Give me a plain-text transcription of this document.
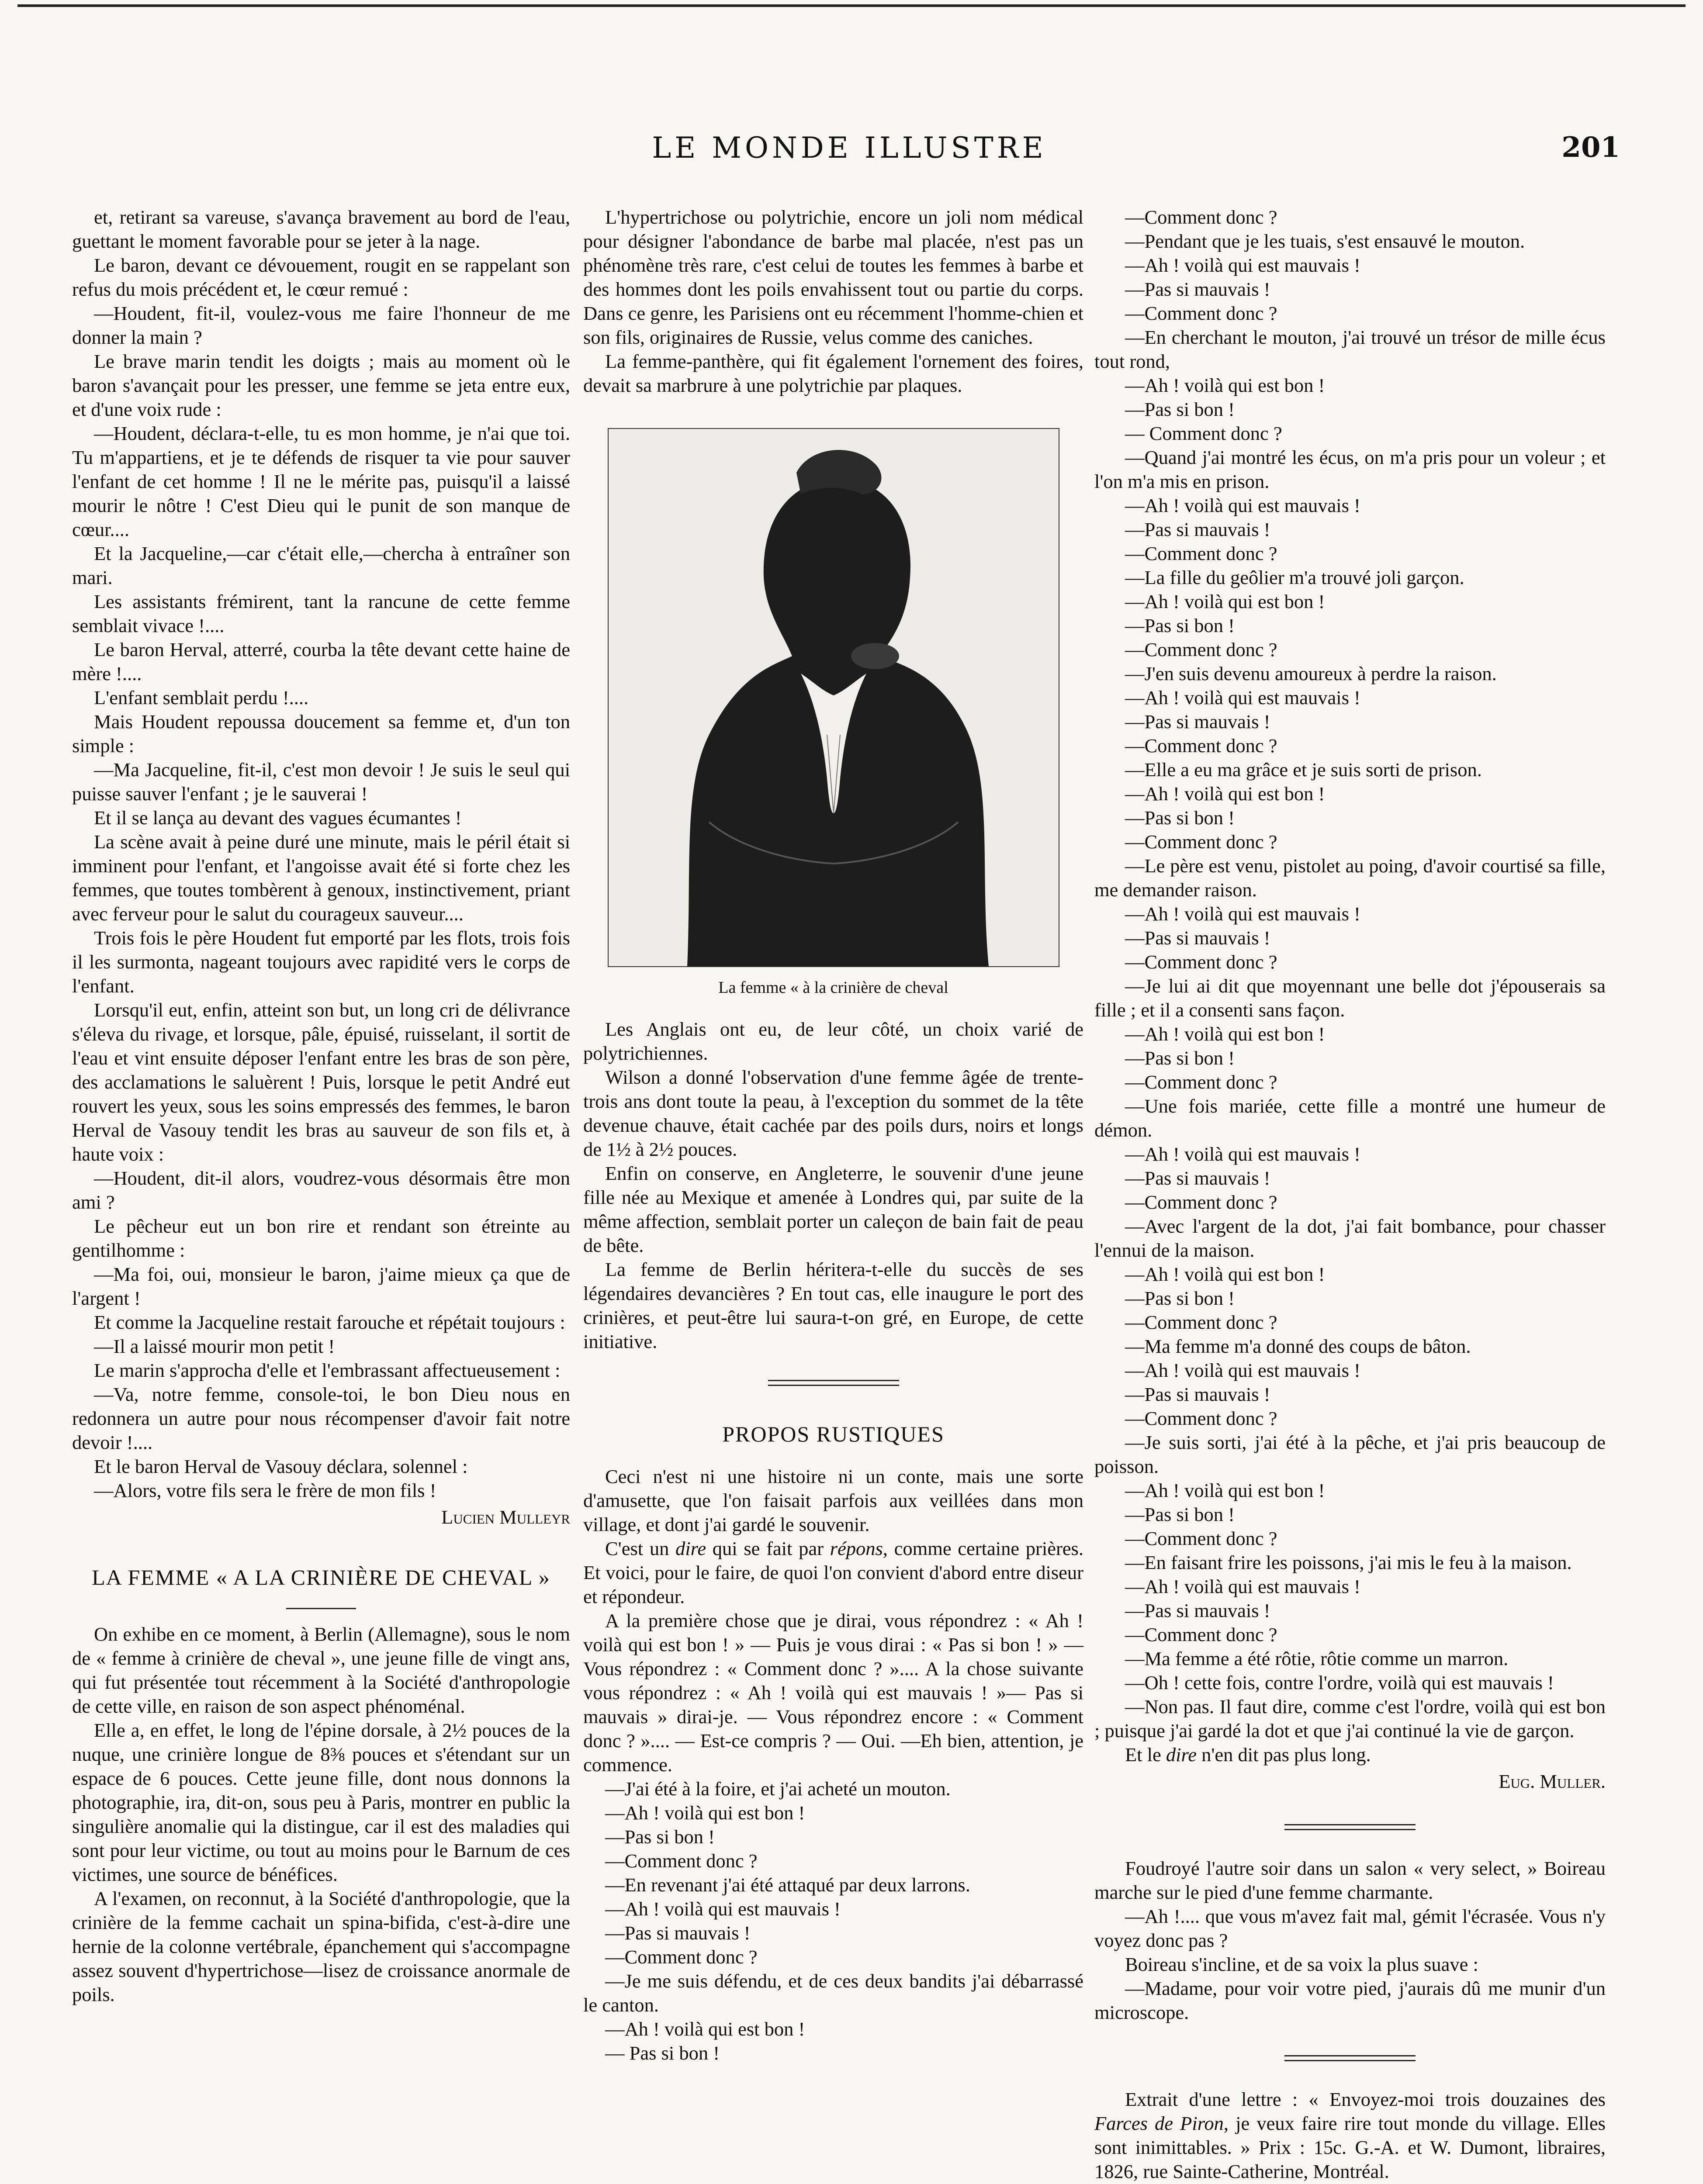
LE MONDE ILLUSTRE	201

et, retirant sa vareuse, s'avança bravement au bord de l'eau, guettant le moment favorable pour se jeter à la nage.

Le baron, devant ce dévouement, rougit en se rappelant son refus du mois précédent et, le cœur remué :

—Houdent, fit-il, voulez-vous me faire l'honneur de me donner la main ?

Le brave marin tendit les doigts ; mais au moment où le baron s'avançait pour les presser, une femme se jeta entre eux, et d'une voix rude :

—Houdent, déclara-t-elle, tu es mon homme, je n'ai que toi. Tu m'appartiens, et je te défends de risquer ta vie pour sauver l'enfant de cet homme ! Il ne le mérite pas, puisqu'il a laissé mourir le nôtre ! C'est Dieu qui le punit de son manque de cœur....

Et la Jacqueline,—car c'était elle,—chercha à entraîner son mari.

Les assistants frémirent, tant la rancune de cette femme semblait vivace !....

Le baron Herval, atterré, courba la tête devant cette haine de mère !....

L'enfant semblait perdu !....

Mais Houdent repoussa doucement sa femme et, d'un ton simple :

—Ma Jacqueline, fit-il, c'est mon devoir ! Je suis le seul qui puisse sauver l'enfant ; je le sauverai !

Et il se lança au devant des vagues écumantes !

La scène avait à peine duré une minute, mais le péril était si imminent pour l'enfant, et l'angoisse avait été si forte chez les femmes, que toutes tombèrent à genoux, instinctivement, priant avec ferveur pour le salut du courageux sauveur....

Trois fois le père Houdent fut emporté par les flots, trois fois il les surmonta, nageant toujours avec rapidité vers le corps de l'enfant.

Lorsqu'il eut, enfin, atteint son but, un long cri de délivrance s'éleva du rivage, et lorsque, pâle, épuisé, ruisselant, il sortit de l'eau et vint ensuite déposer l'enfant entre les bras de son père, des acclamations le saluèrent ! Puis, lorsque le petit André eut rouvert les yeux, sous les soins empressés des femmes, le baron Herval de Vasouy tendit les bras au sauveur de son fils et, à haute voix :

—Houdent, dit-il alors, voudrez-vous désormais être mon ami ?

Le pêcheur eut un bon rire et rendant son étreinte au gentilhomme :

—Ma foi, oui, monsieur le baron, j'aime mieux ça que de l'argent !

Et comme la Jacqueline restait farouche et répétait toujours :

—Il a laissé mourir mon petit !

Le marin s'approcha d'elle et l'embrassant affectueusement :

—Va, notre femme, console-toi, le bon Dieu nous en redonnera un autre pour nous récompenser d'avoir fait notre devoir !....

Et le baron Herval de Vasouy déclara, solennel :

—Alors, votre fils sera le frère de mon fils !

Lucien Mulleyr

LA FEMME « A LA CRINIÈRE DE CHEVAL »

On exhibe en ce moment, à Berlin (Allemagne), sous le nom de « femme à crinière de cheval », une jeune fille de vingt ans, qui fut présentée tout récemment à la Société d'anthropologie de cette ville, en raison de son aspect phénoménal.

Elle a, en effet, le long de l'épine dorsale, à 2½ pouces de la nuque, une crinière longue de 8⅜ pouces et s'étendant sur un espace de 6 pouces. Cette jeune fille, dont nous donnons la photographie, ira, dit-on, sous peu à Paris, montrer en public la singulière anomalie qui la distingue, car il est des maladies qui sont pour leur victime, ou tout au moins pour le Barnum de ces victimes, une source de bénéfices.

A l'examen, on reconnut, à la Société d'anthropologie, que la crinière de la femme cachait un spina-bifida, c'est-à-dire une hernie de la colonne vertébrale, épanchement qui s'accompagne assez souvent d'hypertrichose—lisez de croissance anormale de poils.

L'hypertrichose ou polytrichie, encore un joli nom médical pour désigner l'abondance de barbe mal placée, n'est pas un phénomène très rare, c'est celui de toutes les femmes à barbe et des hommes dont les poils envahissent tout ou partie du corps. Dans ce genre, les Parisiens ont eu récemment l'homme-chien et son fils, originaires de Russie, velus comme des caniches.

La femme-panthère, qui fit également l'ornement des foires, devait sa marbrure à une polytrichie par plaques.

La femme « à la crinière de cheval

Les Anglais ont eu, de leur côté, un choix varié de polytrichiennes.

Wilson a donné l'observation d'une femme âgée de trente-trois ans dont toute la peau, à l'exception du sommet de la tête devenue chauve, était cachée par des poils durs, noirs et longs de 1½ à 2½ pouces.

Enfin on conserve, en Angleterre, le souvenir d'une jeune fille née au Mexique et amenée à Londres qui, par suite de la même affection, semblait porter un caleçon de bain fait de peau de bête.

La femme de Berlin héritera-t-elle du succès de ses légendaires devancières ? En tout cas, elle inaugure le port des crinières, et peut-être lui saura-t-on gré, en Europe, de cette initiative.

PROPOS RUSTIQUES

Ceci n'est ni une histoire ni un conte, mais une sorte d'amusette, que l'on faisait parfois aux veillées dans mon village, et dont j'ai gardé le souvenir.

C'est un dire qui se fait par répons, comme certaine prières. Et voici, pour le faire, de quoi l'on convient d'abord entre diseur et répondeur.

A la première chose que je dirai, vous répondrez : « Ah ! voilà qui est bon ! » — Puis je vous dirai : « Pas si bon ! » — Vous répondrez : « Comment donc ? ».... A la chose suivante vous répondrez : « Ah ! voilà qui est mauvais ! »— Pas si mauvais » dirai-je. — Vous répondrez encore : « Comment donc ? ».... — Est-ce compris ? — Oui. —Eh bien, attention, je commence.

—J'ai été à la foire, et j'ai acheté un mouton.

—Ah ! voilà qui est bon !

—Pas si bon !

—Comment donc ?

—En revenant j'ai été attaqué par deux larrons.

—Ah ! voilà qui est mauvais !

—Pas si mauvais !

—Comment donc ?

—Je me suis défendu, et de ces deux bandits j'ai débarrassé le canton.

—Ah ! voilà qui est bon !

— Pas si bon !

—Comment donc ?

—Pendant que je les tuais, s'est ensauvé le mouton.

—Ah ! voilà qui est mauvais !

—Pas si mauvais !

—Comment donc ?

—En cherchant le mouton, j'ai trouvé un trésor de mille écus tout rond,

—Ah ! voilà qui est bon !

—Pas si bon !

— Comment donc ?

—Quand j'ai montré les écus, on m'a pris pour un voleur ; et l'on m'a mis en prison.

—Ah ! voilà qui est mauvais !

—Pas si mauvais !

—Comment donc ?

—La fille du geôlier m'a trouvé joli garçon.

—Ah ! voilà qui est bon !

—Pas si bon !

—Comment donc ?

—J'en suis devenu amoureux à perdre la raison.

—Ah ! voilà qui est mauvais !

—Pas si mauvais !

—Comment donc ?

—Elle a eu ma grâce et je suis sorti de prison.

—Ah ! voilà qui est bon !

—Pas si bon !

—Comment donc ?

—Le père est venu, pistolet au poing, d'avoir courtisé sa fille, me demander raison.

—Ah ! voilà qui est mauvais !

—Pas si mauvais !

—Comment donc ?

—Je lui ai dit que moyennant une belle dot j'épouserais sa fille ; et il a consenti sans façon.

—Ah ! voilà qui est bon !

—Pas si bon !

—Comment donc ?

—Une fois mariée, cette fille a montré une humeur de démon.

—Ah ! voilà qui est mauvais !

—Pas si mauvais !

—Comment donc ?

—Avec l'argent de la dot, j'ai fait bombance, pour chasser l'ennui de la maison.

—Ah ! voilà qui est bon !

—Pas si bon !

—Comment donc ?

—Ma femme m'a donné des coups de bâton.

—Ah ! voilà qui est mauvais !

—Pas si mauvais !

—Comment donc ?

—Je suis sorti, j'ai été à la pêche, et j'ai pris beaucoup de poisson.

—Ah ! voilà qui est bon !

—Pas si bon !

—Comment donc ?

—En faisant frire les poissons, j'ai mis le feu à la maison.

—Ah ! voilà qui est mauvais !

—Pas si mauvais !

—Comment donc ?

—Ma femme a été rôtie, rôtie comme un marron.

—Oh ! cette fois, contre l'ordre, voilà qui est mauvais !

—Non pas. Il faut dire, comme c'est l'ordre, voilà qui est bon ; puisque j'ai gardé la dot et que j'ai continué la vie de garçon.

Et le dire n'en dit pas plus long.

Eug. Muller.

Foudroyé l'autre soir dans un salon « very select, » Boireau marche sur le pied d'une femme charmante.

—Ah !.... que vous m'avez fait mal, gémit l'écrasée. Vous n'y voyez donc pas ?

Boireau s'incline, et de sa voix la plus suave :

—Madame, pour voir votre pied, j'aurais dû me munir d'un microscope.

Extrait d'une lettre : « Envoyez-moi trois douzaines des Farces de Piron, je veux faire rire tout monde du village. Elles sont inimittables. » Prix : 15c. G.-A. et W. Dumont, libraires, 1826, rue Sainte-Catherine, Montréal.
